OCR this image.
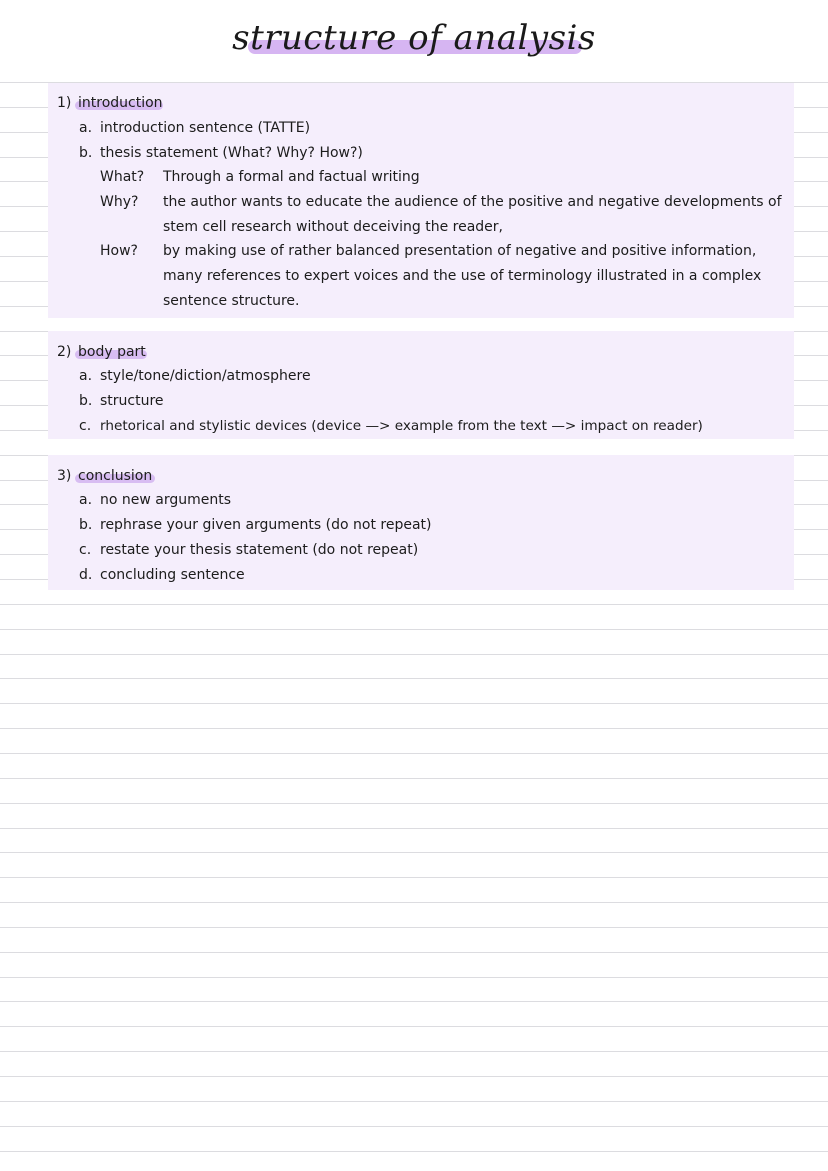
structure of analysis
1) introduction
a. introduction sentence (TATTE)
b. thesis statement (What? Why? How?)
What? Through a formal and factual writing
Why? the author wants to educate the audience of the positive and negative developments of
stem cell research without deceiving the reader,
How? by making use of rather balanced presentation of negative and positive information,
many references to expert voices and the use of terminology illustrated in a complex
sentence structure.
2) body part
a. style/tone/diction/atmosphere
b. structure
c. rhetorical and stylistic devices (device —> example from the text —> impact on reader)
3) conclusion
a. no new arguments
b. rephrase your given arguments (do not repeat)
c. restate your thesis statement (do not repeat)
d. concluding sentence
